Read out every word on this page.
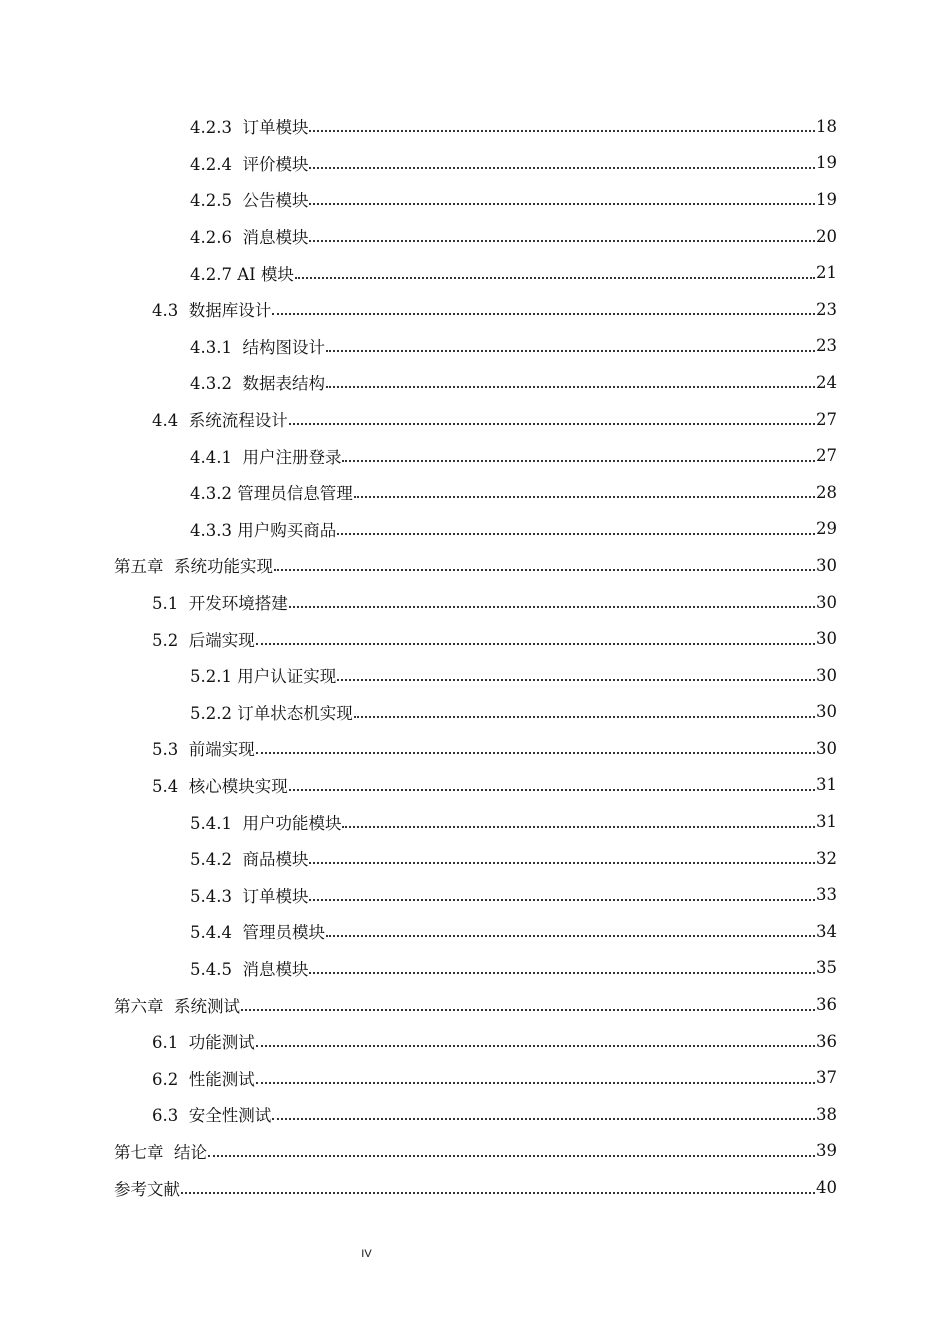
4.2.3  订单模块	18
4.2.4  评价模块	19
4.2.5  公告模块	19
4.2.6  消息模块	20
4.2.7 AI 模块	21
4.3  数据库设计	23
4.3.1  结构图设计	23
4.3.2  数据表结构	24
4.4  系统流程设计	27
4.4.1  用户注册登录	27
4.3.2 管理员信息管理	28
4.3.3 用户购买商品	29
第五章  系统功能实现	30
5.1  开发环境搭建	30
5.2  后端实现	30
5.2.1 用户认证实现	30
5.2.2 订单状态机实现	30
5.3  前端实现	30
5.4  核心模块实现	31
5.4.1  用户功能模块	31
5.4.2  商品模块	32
5.4.3  订单模块	33
5.4.4  管理员模块	34
5.4.5  消息模块	35
第六章  系统测试	36
6.1  功能测试	36
6.2  性能测试	37
6.3  安全性测试	38
第七章  结论	39
参考文献	40
IV
